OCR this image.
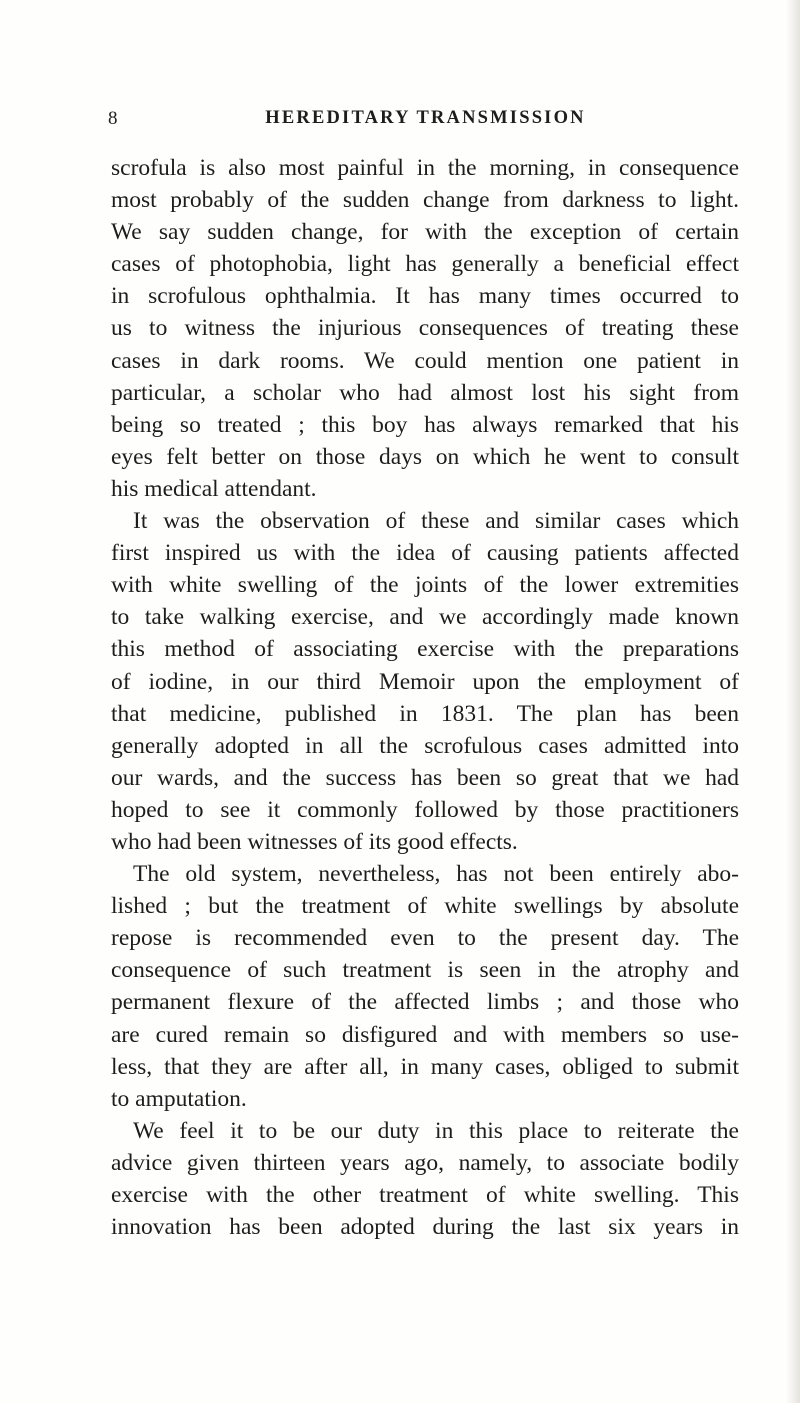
8	HEREDITARY TRANSMISSION
scrofula is also most painful in the morning, in consequence
most probably of the sudden change from darkness to light.
We say sudden change, for with the exception of certain
cases of photophobia, light has generally a beneficial effect
in scrofulous ophthalmia. It has many times occurred to
us to witness the injurious consequences of treating these
cases in dark rooms. We could mention one patient in
particular, a scholar who had almost lost his sight from
being so treated ; this boy has always remarked that his
eyes felt better on those days on which he went to consult
his medical attendant.
It was the observation of these and similar cases which
first inspired us with the idea of causing patients affected
with white swelling of the joints of the lower extremities
to take walking exercise, and we accordingly made known
this method of associating exercise with the preparations
of iodine, in our third Memoir upon the employment of
that medicine, published in 1831. The plan has been
generally adopted in all the scrofulous cases admitted into
our wards, and the success has been so great that we had
hoped to see it commonly followed by those practitioners
who had been witnesses of its good effects.
The old system, nevertheless, has not been entirely abo-
lished ; but the treatment of white swellings by absolute
repose is recommended even to the present day. The
consequence of such treatment is seen in the atrophy and
permanent flexure of the affected limbs ; and those who
are cured remain so disfigured and with members so use-
less, that they are after all, in many cases, obliged to submit
to amputation.
We feel it to be our duty in this place to reiterate the
advice given thirteen years ago, namely, to associate bodily
exercise with the other treatment of white swelling. This
innovation has been adopted during the last six years in
